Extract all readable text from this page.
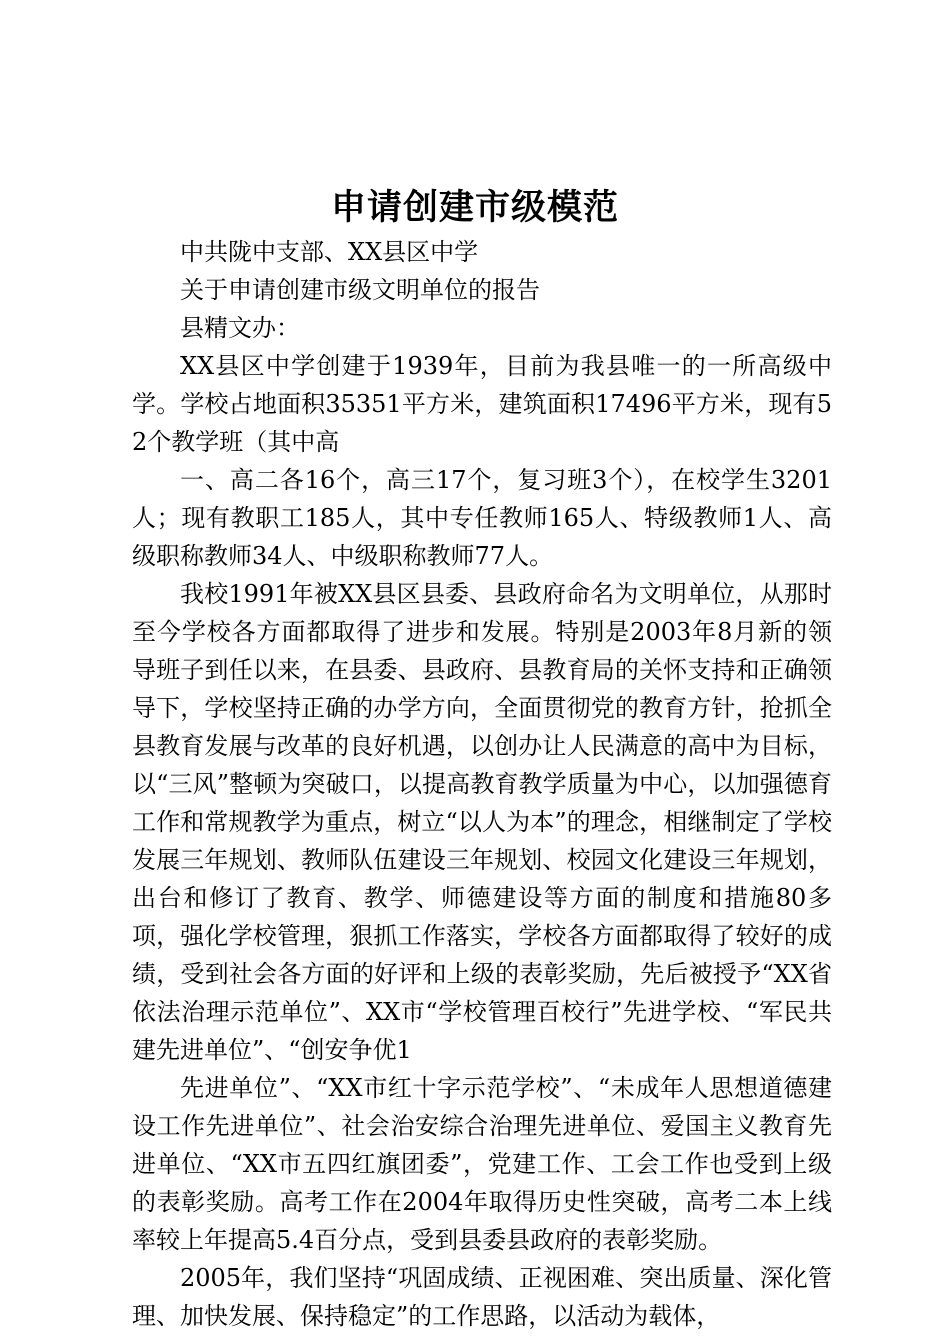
申请创建市级模范

中共陇中支部、XX县区中学

关于申请创建市级文明单位的报告

县精文办：

XX县区中学创建于1939年，目前为我县唯一的一所高级中学。学校占地面积35351平方米，建筑面积17496平方米，现有52个教学班（其中高

一、高二各16个，高三17个，复习班3个），在校学生3201人；现有教职工185人，其中专任教师165人、特级教师1人、高级职称教师34人、中级职称教师77人。

我校1991年被XX县区县委、县政府命名为文明单位，从那时至今学校各方面都取得了进步和发展。特别是2003年8月新的领导班子到任以来，在县委、县政府、县教育局的关怀支持和正确领导下，学校坚持正确的办学方向，全面贯彻党的教育方针，抢抓全县教育发展与改革的良好机遇，以创办让人民满意的高中为目标，以“三风”整顿为突破口，以提高教育教学质量为中心，以加强德育工作和常规教学为重点，树立“以人为本”的理念，相继制定了学校发展三年规划、教师队伍建设三年规划、校园文化建设三年规划，出台和修订了教育、教学、师德建设等方面的制度和措施80多项，强化学校管理，狠抓工作落实，学校各方面都取得了较好的成绩，受到社会各方面的好评和上级的表彰奖励，先后被授予“XX省依法治理示范单位”、XX市“学校管理百校行”先进学校、“军民共建先进单位”、“创安争优1

先进单位”、“XX市红十字示范学校”、“未成年人思想道德建设工作先进单位”、社会治安综合治理先进单位、爱国主义教育先进单位、“XX市五四红旗团委”，党建工作、工会工作也受到上级的表彰奖励。高考工作在2004年取得历史性突破，高考二本上线率较上年提高5.4百分点，受到县委县政府的表彰奖励。

2005年，我们坚持“巩固成绩、正视困难、突出质量、深化管理、加快发展、保持稳定”的工作思路，以活动为载体，
